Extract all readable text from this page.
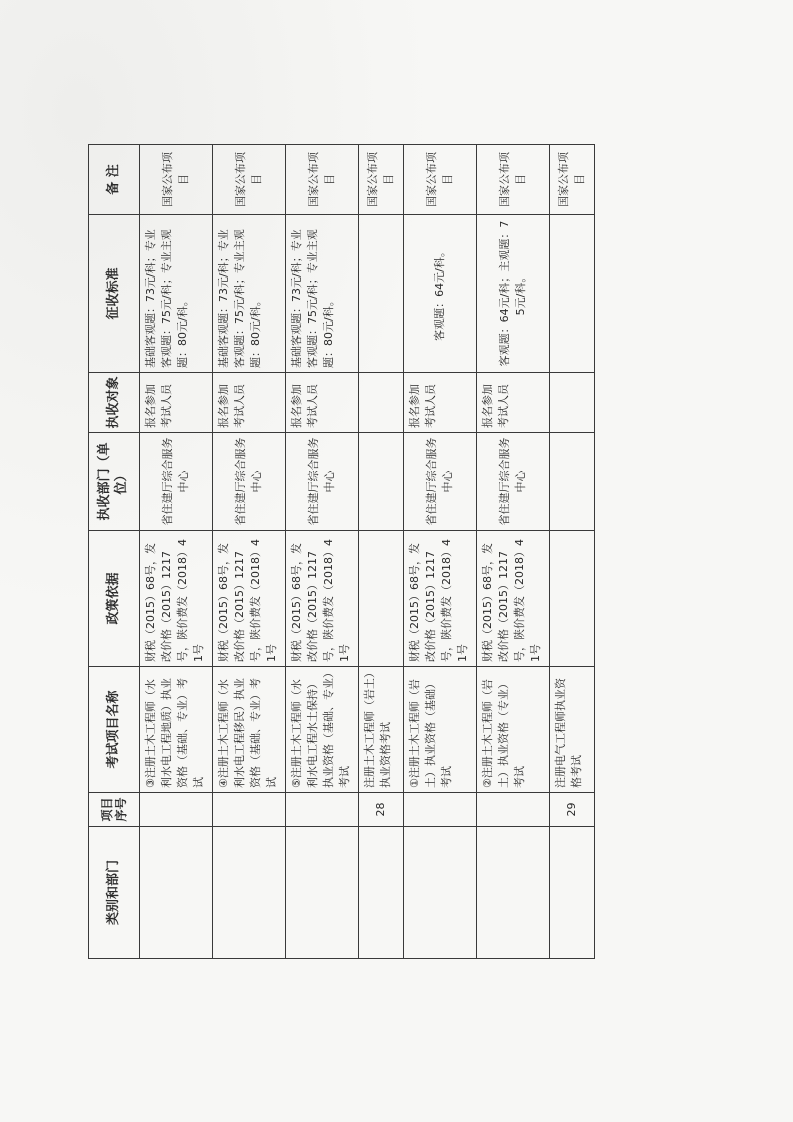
类别和部门	项目序号	考试项目名称	政策依据	执收部门（单位）	执收对象	征收标准	备 注
		③注册土木工程师（水利水电工程地质）执业资格（基础、专业）考试	财税（2015）68号，发改价格（2015）1217号，陕价费发（2018）41号	省住建厅综合服务中心	报名参加考试人员	基础客观题：73元/科；专业客观题：75元/科；专业主观题：80元/科。	国家公布项目
		④注册土木工程师（水利水电工程移民）执业资格（基础、专业）考试	财税（2015）68号，发改价格（2015）1217号，陕价费发（2018）41号	省住建厅综合服务中心	报名参加考试人员	基础客观题：73元/科；专业客观题：75元/科；专业主观题：80元/科。	国家公布项目
		⑤注册土木工程师（水利水电工程水土保持）执业资格（基础、专业）考试	财税（2015）68号，发改价格（2015）1217号，陕价费发（2018）41号	省住建厅综合服务中心	报名参加考试人员	基础客观题：73元/科；专业客观题：75元/科；专业主观题：80元/科。	国家公布项目
	28	注册土木工程师（岩土）执业资格考试					国家公布项目
		①注册土木工程师（岩土）执业资格（基础）考试	财税（2015）68号，发改价格（2015）1217号，陕价费发（2018）41号	省住建厅综合服务中心	报名参加考试人员	客观题：64元/科。	国家公布项目
		②注册土木工程师（岩土）执业资格（专业）考试	财税（2015）68号，发改价格（2015）1217号，陕价费发（2018）41号	省住建厅综合服务中心	报名参加考试人员	客观题：64元/科；主观题：75元/科。	国家公布项目
	29	注册电气工程师执业资格考试					国家公布项目
